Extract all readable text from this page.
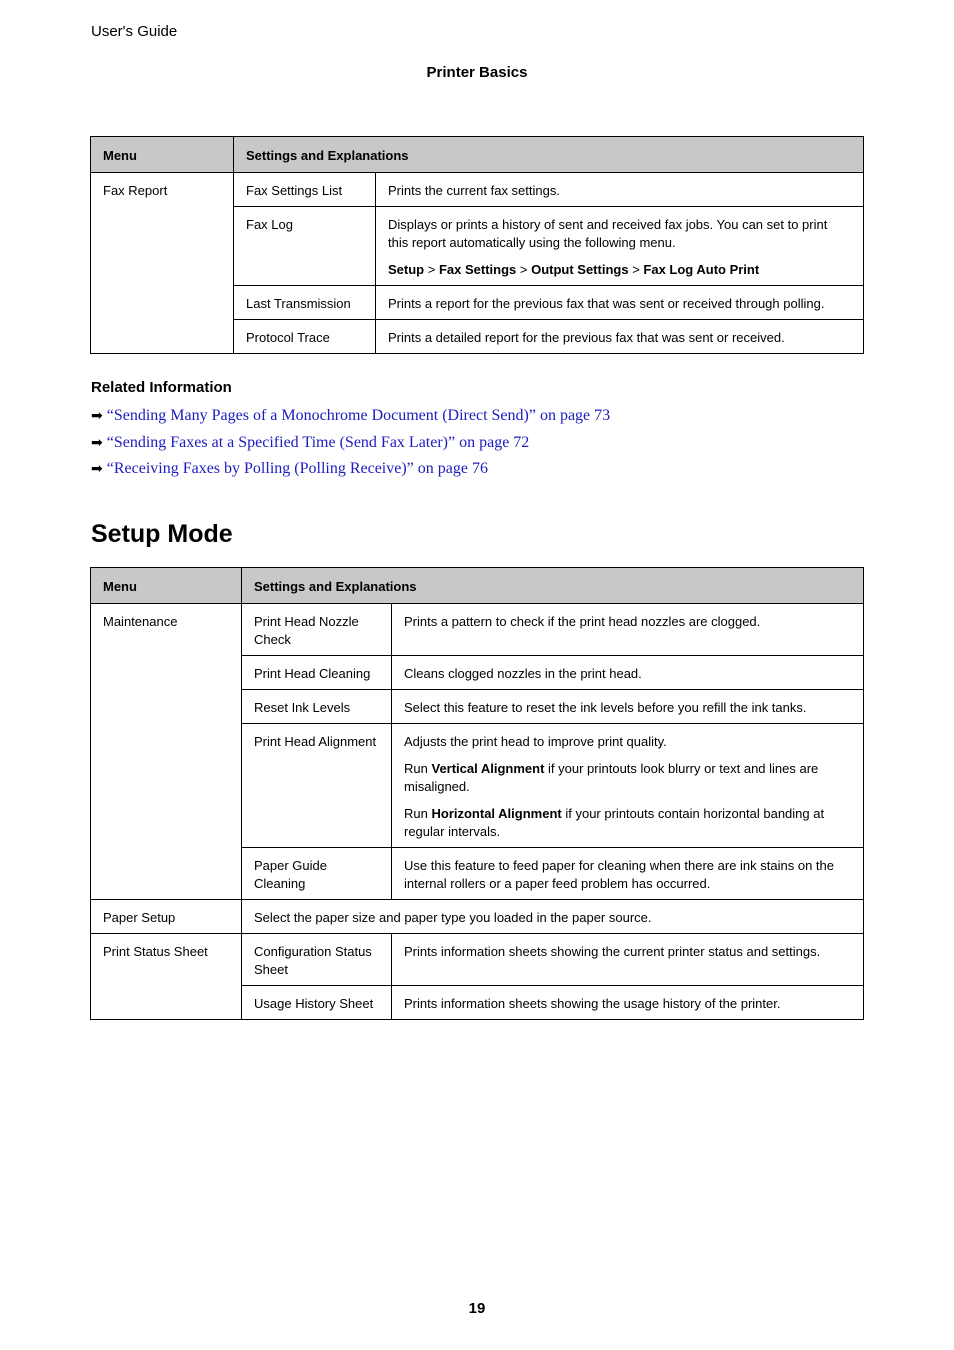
User's Guide
Printer Basics
Menu	Settings and Explanations	
Fax Report	Fax Settings List	Prints the current fax settings.
	Fax Log	Displays or prints a history of sent and received fax jobs. You can set to print this report automatically using the following menu.

Setup > Fax Settings > Output Settings > Fax Log Auto Print

	Last Transmission	Prints a report for the previous fax that was sent or received through polling.
	Protocol Trace	Prints a detailed report for the previous fax that was sent or received.
Related Information
➡ “Sending Many Pages of a Monochrome Document (Direct Send)” on page 73
➡ “Sending Faxes at a Specified Time (Send Fax Later)” on page 72
➡ “Receiving Faxes by Polling (Polling Receive)” on page 76
Setup Mode
Menu	Settings and Explanations	
Maintenance	Print Head Nozzle Check	Prints a pattern to check if the print head nozzles are clogged.
	Print Head Cleaning	Cleans clogged nozzles in the print head.
	Reset Ink Levels	Select this feature to reset the ink levels before you refill the ink tanks.
	Print Head Alignment	Adjusts the print head to improve print quality.

Run Vertical Alignment if your printouts look blurry or text and lines are misaligned.

Run Horizontal Alignment if your printouts contain horizontal banding at regular intervals.

	Paper Guide Cleaning	Use this feature to feed paper for cleaning when there are ink stains on the internal rollers or a paper feed problem has occurred.
Paper Setup	Select the paper size and paper type you loaded in the paper source.	
Print Status Sheet	Configuration Status Sheet	Prints information sheets showing the current printer status and settings.
	Usage History Sheet	Prints information sheets showing the usage history of the printer.
19
